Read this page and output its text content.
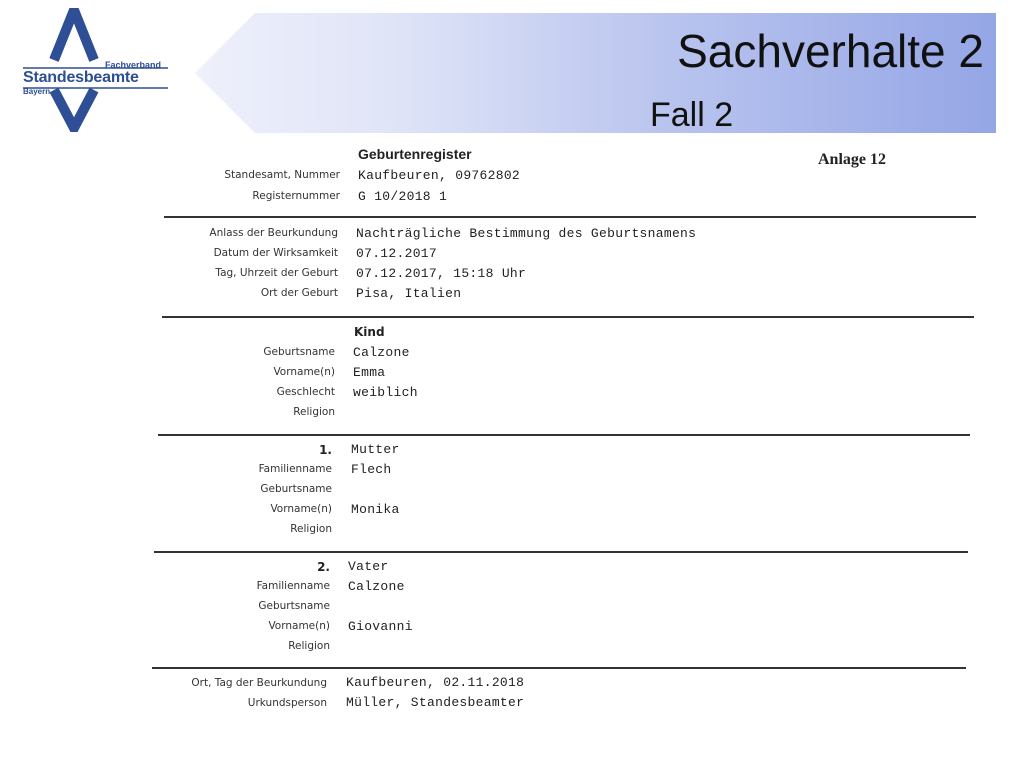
Fachverband
Standesbeamte
Bayern
Sachverhalte 2
Fall 2
Geburtenregister	Anlage 12
Standesamt, Nummer Kaufbeuren, 09762802
Registernummer G 10/2018 1
Anlass der Beurkundung Nachträgliche Bestimmung des Geburtsnamens
Datum der Wirksamkeit 07.12.2017
Tag, Uhrzeit der Geburt 07.12.2017, 15:18 Uhr
Ort der Geburt Pisa, Italien
Kind
Geburtsname Calzone
Vorname(n) Emma
Geschlecht weiblich
Religion
1. Mutter
Familienname Flech
Geburtsname
Vorname(n) Monika
Religion
2. Vater
Familienname Calzone
Geburtsname
Vorname(n) Giovanni
Religion
Ort, Tag der Beurkundung Kaufbeuren, 02.11.2018
Urkundsperson Müller, Standesbeamter
